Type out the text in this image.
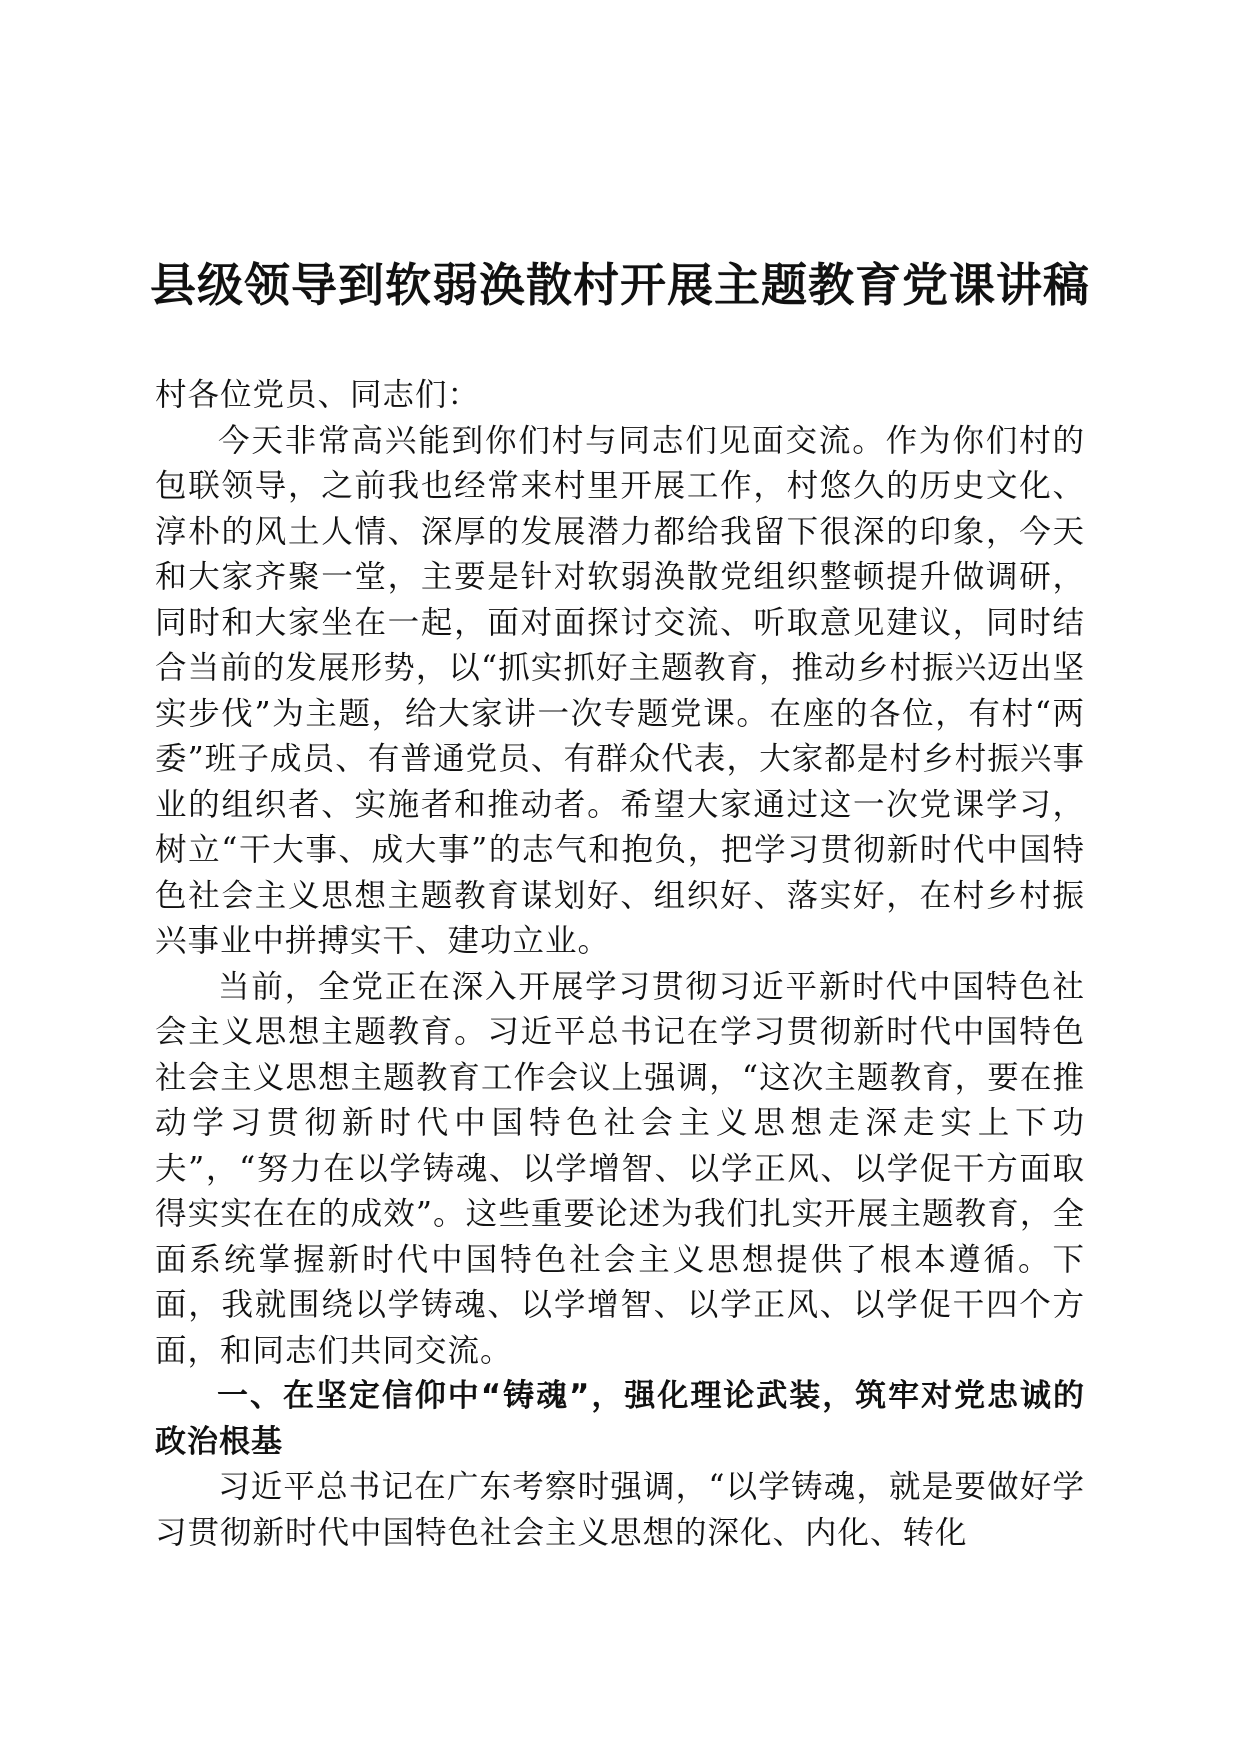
县级领导到软弱涣散村开展主题教育党课讲稿

村各位党员、同志们：

今天非常高兴能到你们村与同志们见面交流。作为你们村的包联领导，之前我也经常来村里开展工作，村悠久的历史文化、淳朴的风土人情、深厚的发展潜力都给我留下很深的印象，今天和大家齐聚一堂，主要是针对软弱涣散党组织整顿提升做调研，同时和大家坐在一起，面对面探讨交流、听取意见建议，同时结合当前的发展形势，以“抓实抓好主题教育，推动乡村振兴迈出坚实步伐”为主题，给大家讲一次专题党课。在座的各位，有村“两委”班子成员、有普通党员、有群众代表，大家都是村乡村振兴事业的组织者、实施者和推动者。希望大家通过这一次党课学习，树立“干大事、成大事”的志气和抱负，把学习贯彻新时代中国特色社会主义思想主题教育谋划好、组织好、落实好，在村乡村振兴事业中拼搏实干、建功立业。

当前，全党正在深入开展学习贯彻习近平新时代中国特色社会主义思想主题教育。习近平总书记在学习贯彻新时代中国特色社会主义思想主题教育工作会议上强调，“这次主题教育，要在推动学习贯彻新时代中国特色社会主义思想走深走实上下功夫”，“努力在以学铸魂、以学增智、以学正风、以学促干方面取得实实在在的成效”。这些重要论述为我们扎实开展主题教育，全面系统掌握新时代中国特色社会主义思想提供了根本遵循。下面，我就围绕以学铸魂、以学增智、以学正风、以学促干四个方面，和同志们共同交流。

一、在坚定信仰中“铸魂”，强化理论武装，筑牢对党忠诚的政治根基

习近平总书记在广东考察时强调，“以学铸魂，就是要做好学习贯彻新时代中国特色社会主义思想的深化、内化、转化
